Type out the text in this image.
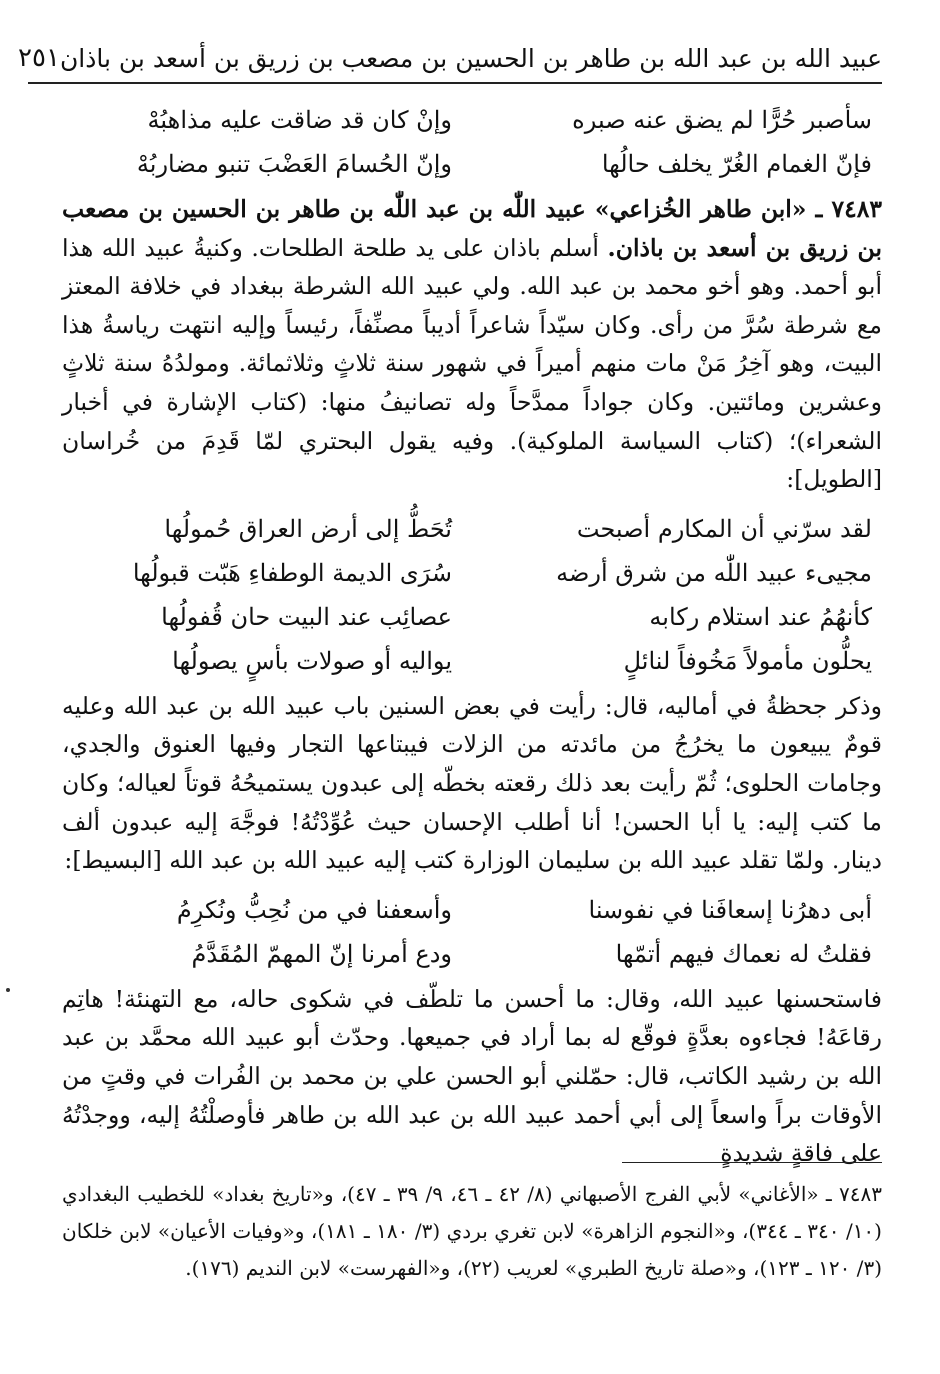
عبيد الله بن عبد الله بن طاهر بن الحسين بن مصعب بن زريق بن أسعد بن باذان
٢٥١
سأصبر حُرًّا لم يضق عنه صبره
وإنْ كان قد ضاقت عليه مذاهبُهْ
فإنّ الغمام الغُرّ يخلف حالُها
وإنّ الحُسامَ العَضْبَ تنبو مضاربُهْ

٧٤٨٣ ـ «ابن طاهر الخُزاعي» عبيد اللّٰه بن عبد اللّٰه بن طاهر بن الحسين بن مصعب بن زريق بن أسعد بن باذان. أسلم باذان على يد طلحة الطلحات. وكنيةُ عبيد الله هذا أبو أحمد. وهو أخو محمد بن عبد الله. ولي عبيد الله الشرطة ببغداد في خلافة المعتز مع شرطة سُرَّ من رأى. وكان سيّداً شاعراً أديباً مصنِّفاً، رئيساً وإليه انتهت رياسةُ هذا البيت، وهو آخِرُ مَنْ مات منهم أميراً في شهور سنة ثلاثٍ وثلاثمائة. ومولدُهُ سنة ثلاثٍ وعشرين ومائتين. وكان جواداً ممدَّحاً وله تصانيفُ منها: (كتاب الإشارة في أخبار الشعراء)؛ (كتاب السياسة الملوكية). وفيه يقول البحتري لمّا قَدِمَ من خُراسان [الطويل]:

لقد سرّني أن المكارم أصبحت
تُحَطُّ إلى أرض العراق حُمولُها
مجيىء عبيد اللّٰه من شرق أرضه
سُرَى الديمة الوطفاءِ هَبّت قبولُها
كأنهُمُ عند استلام ركابه
عصائِب عند البيت حان قُفولُها
يحلُّون مأمولاً مَخُوفاً لنائلٍ
يواليه أو صولات بأسٍ يصولُها

وذكر جحظةُ في أماليه، قال: رأيت في بعض السنين باب عبيد الله بن عبد الله وعليه قومٌ يبيعون ما يخرُجُ من مائدته من الزلات فيبتاعها التجار وفيها العنوق والجدي، وجامات الحلوى؛ ثُمّ رأيت بعد ذلك رقعته بخطّه إلى عبدون يستميحُهُ قوتاً لعياله؛ وكان ما كتب إليه: يا أبا الحسن! أنا أطلب الإحسان حيث عُوِّدْتُهُ! فوجَّهَ إليه عبدون ألف دينار. ولمّا تقلد عبيد الله بن سليمان الوزارة كتب إليه عبيد الله بن عبد الله [البسيط]:

أبى دهرُنا إسعافَنا في نفوسنا
وأسعفنا في من نُحِبُّ ونُكرِمُ
فقلتُ له نعماك فيهم أتمّها
ودع أمرنا إنّ المهمّ المُقَدَّمُ

فاستحسنها عبيد الله، وقال: ما أحسن ما تلطّف في شكوى حاله، مع التهنئة! هاتِم رقاعَهُ! فجاءوه بعدَّةٍ فوقّع له بما أراد في جميعها. وحدّث أبو عبيد الله محمَّد بن عبد الله بن رشيد الكاتب، قال: حمّلني أبو الحسن علي بن محمد بن الفُرات في وقتٍ من الأوقات براً واسعاً إلى أبي أحمد عبيد الله بن عبد الله بن طاهر فأوصلْتُهُ إليه، ووجدْتُهُ على فاقةٍ شديدةٍ

٧٤٨٣ ـ «الأغاني» لأبي الفرج الأصبهاني (٨/ ٤٢ ـ ٤٦، ٩/ ٣٩ ـ ٤٧)، و«تاريخ بغداد» للخطيب البغدادي (١٠/ ٣٤٠ ـ ٣٤٤)، و«النجوم الزاهرة» لابن تغري بردي (٣/ ١٨٠ ـ ١٨١)، و«وفيات الأعيان» لابن خلكان (٣/ ١٢٠ ـ ١٢٣)، و«صلة تاريخ الطبري» لعريب (٢٢)، و«الفهرست» لابن النديم (١٧٦).
